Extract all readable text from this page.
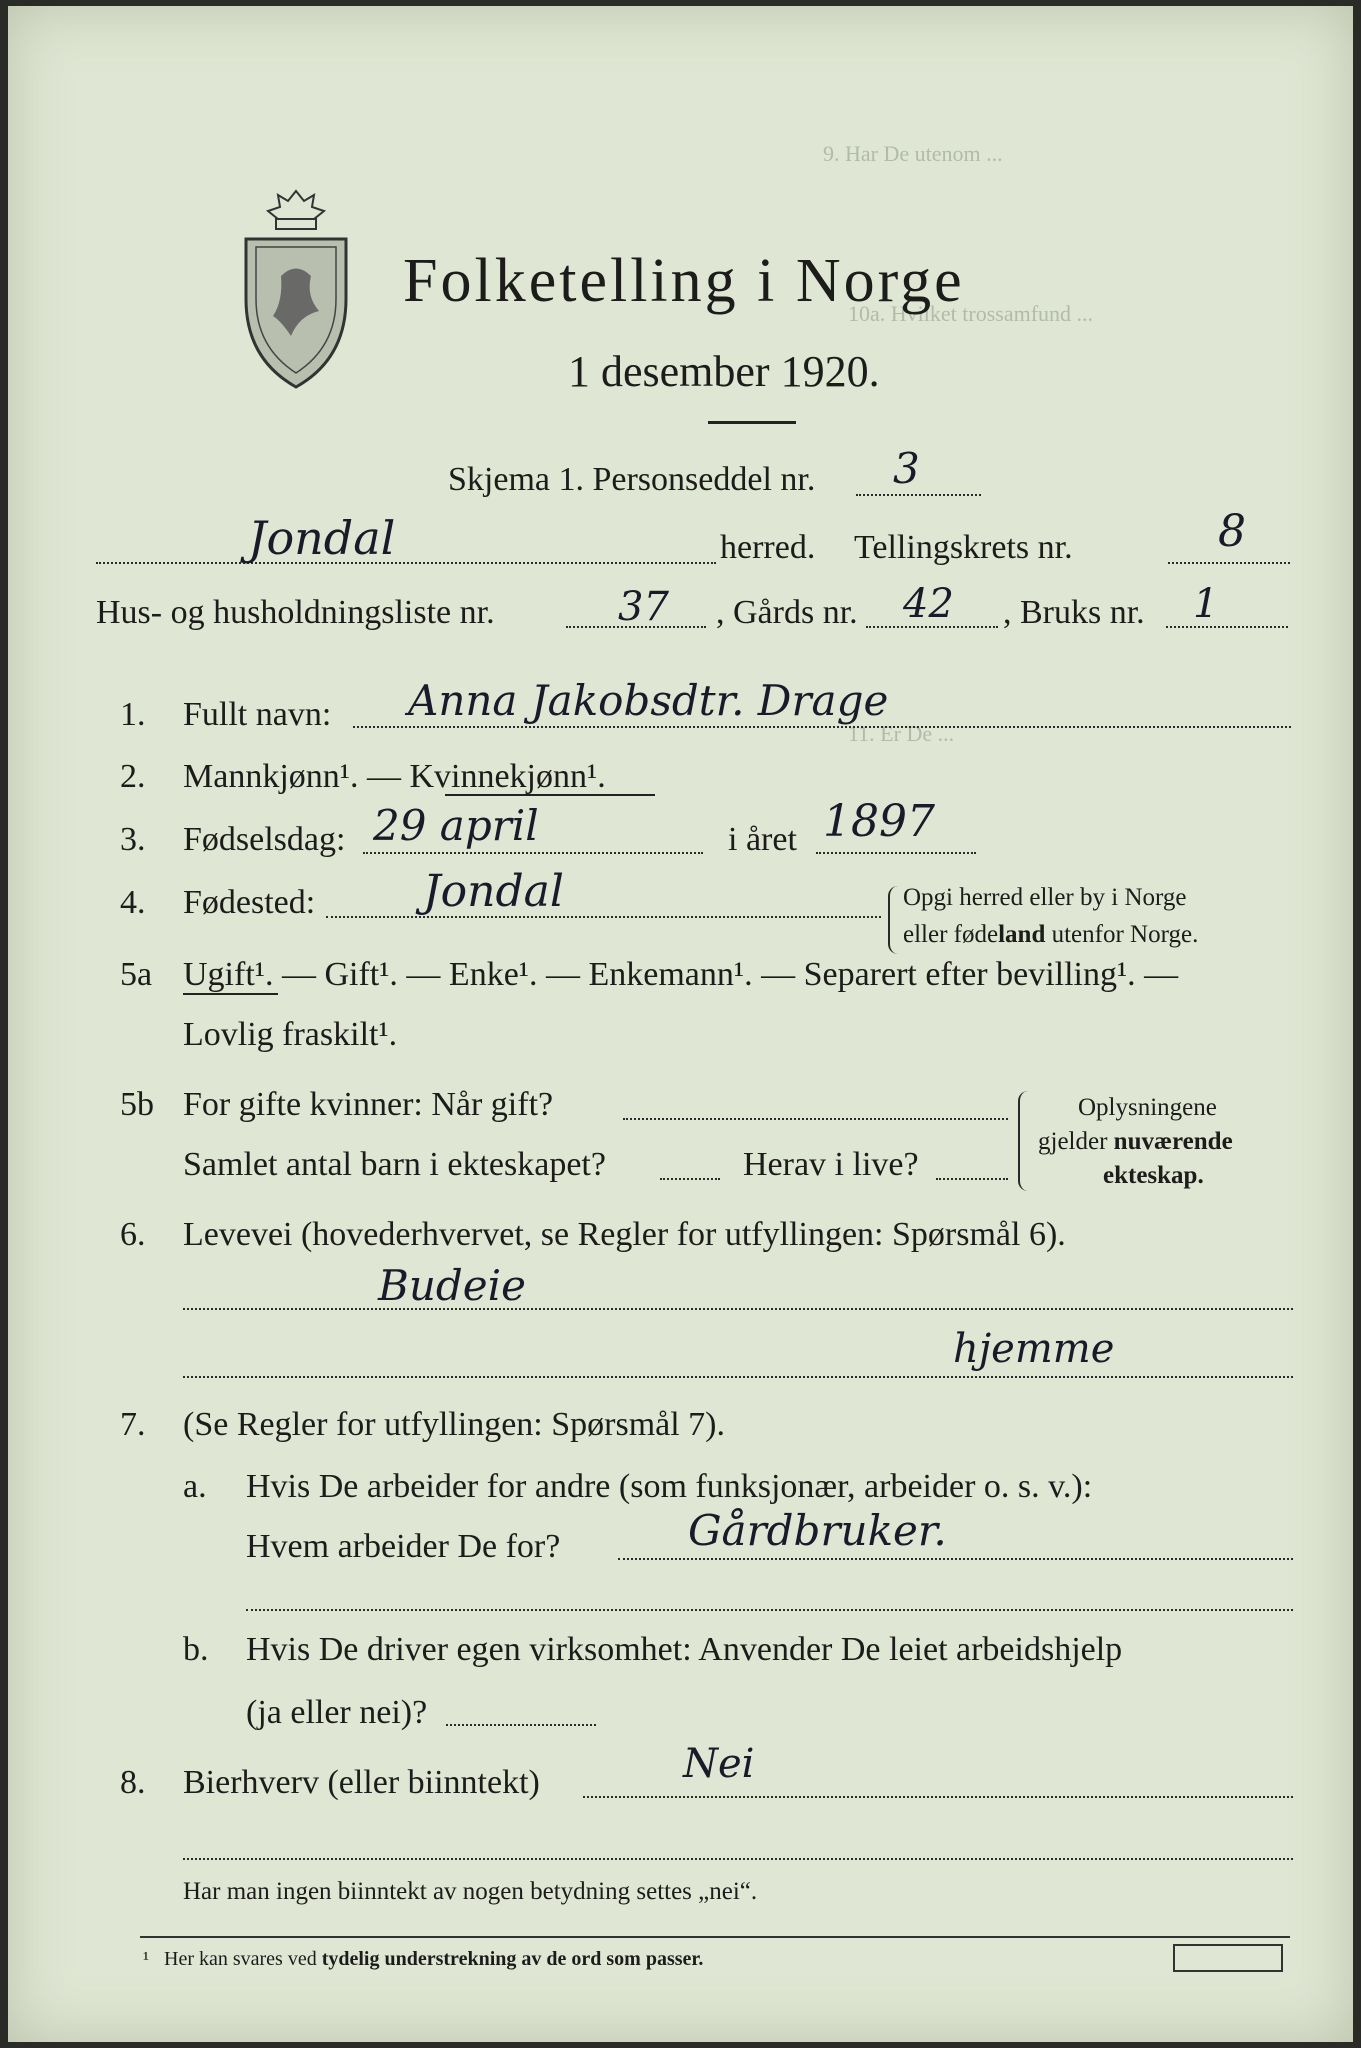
9. Har De utenom ...
10a. Hvilket trossamfund ...
11. Er De ...
Folketelling i Norge
1 desember 1920.
Skjema 1. Personseddel nr. 3
Jondal	herred. Tellingskrets nr.	8
Hus- og husholdningsliste nr.	37 , Gårds nr. 42 , Bruks nr. 1
1. Fullt navn: Anna Jakobsdtr. Drage
2. Mannkjønn¹. — Kvinnekjønn¹.
3. Fødselsdag: 29 april	i året 1897
4. Fødested: Jondal	Opgi herred eller by i Norge
eller fødeland utenfor Norge.
5a Ugift¹. — Gift¹. — Enke¹. — Enkemann¹. — Separert efter bevilling¹. —
Lovlig fraskilt¹.
5b For gifte kvinner: Når gift?
Samlet antal barn i ekteskapet?	Herav i live?
Oplysningene
gjelder nuværende
ekteskap.
6. Levevei (hovederhvervet, se Regler for utfyllingen: Spørsmål 6).
Budeie
hjemme
7. (Se Regler for utfyllingen: Spørsmål 7).
a. Hvis De arbeider for andre (som funksjonær, arbeider o. s. v.):
Hvem arbeider De for?	Gårdbruker.
b. Hvis De driver egen virksomhet: Anvender De leiet arbeidshjelp
(ja eller nei)?
8. Bierhverv (eller biinntekt)	Nei
Har man ingen biinntekt av nogen betydning settes „nei“.
¹ Her kan svares ved tydelig understrekning av de ord som passer.
